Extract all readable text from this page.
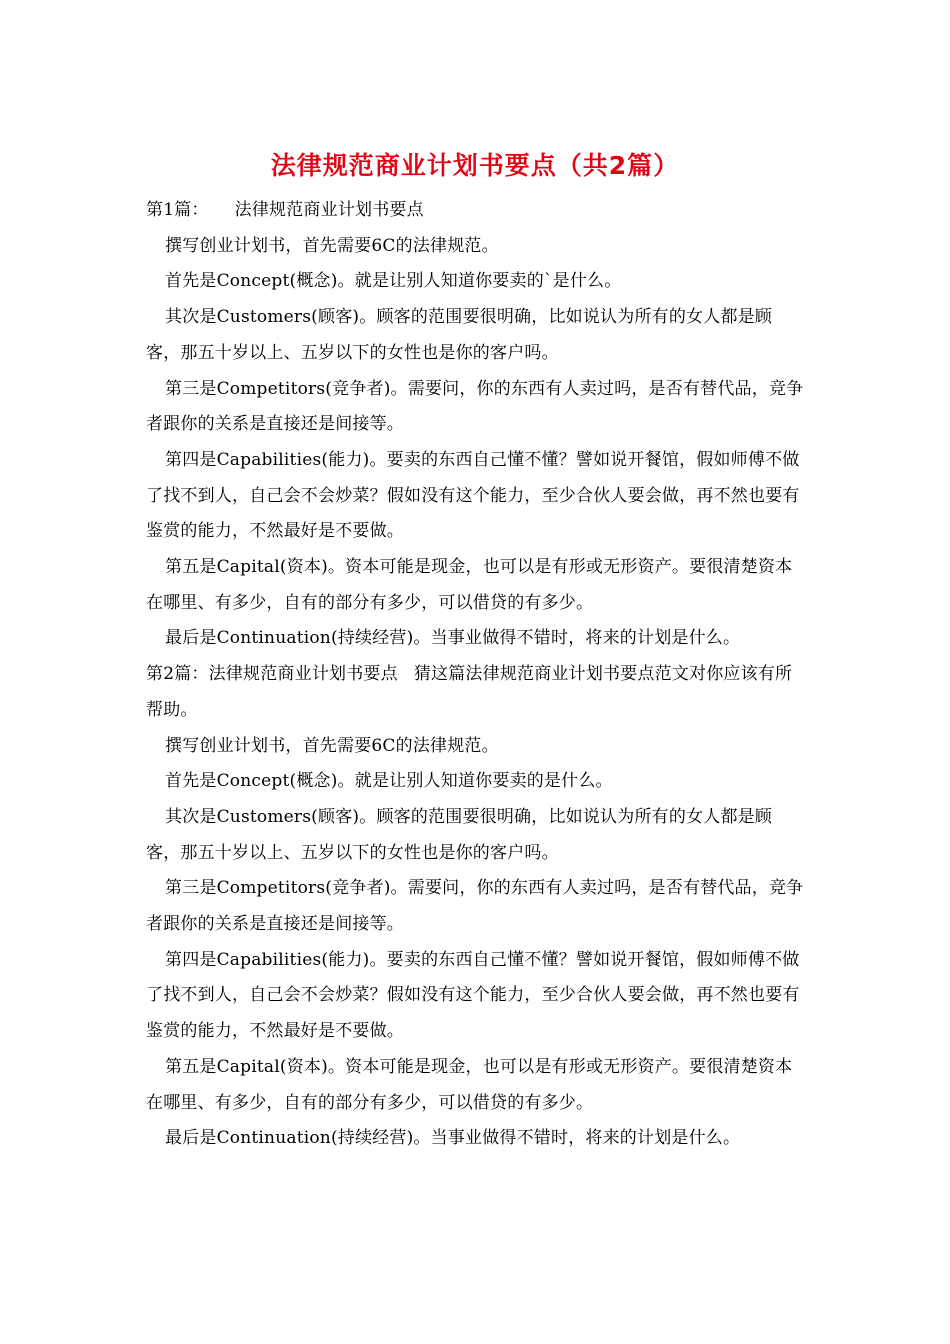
法律规范商业计划书要点（共2篇）

第1篇： 法律规范商业计划书要点

撰写创业计划书，首先需要6C的法律规范。

首先是Concept(概念)。就是让别人知道你要卖的`是什么。

其次是Customers(顾客)。顾客的范围要很明确，比如说认为所有的女人都是顾客，那五十岁以上、五岁以下的女性也是你的客户吗。

第三是Competitors(竞争者)。需要问，你的东西有人卖过吗，是否有替代品，竞争者跟你的关系是直接还是间接等。

第四是Capabilities(能力)。要卖的东西自己懂不懂？譬如说开餐馆，假如师傅不做了找不到人，自己会不会炒菜？假如没有这个能力，至少合伙人要会做，再不然也要有鉴赏的能力，不然最好是不要做。

第五是Capital(资本)。资本可能是现金，也可以是有形或无形资产。要很清楚资本在哪里、有多少，自有的部分有多少，可以借贷的有多少。

最后是Continuation(持续经营)。当事业做得不错时，将来的计划是什么。

第2篇：法律规范商业计划书要点 猜这篇法律规范商业计划书要点范文对你应该有所帮助。

撰写创业计划书，首先需要6C的法律规范。

首先是Concept(概念)。就是让别人知道你要卖的是什么。

其次是Customers(顾客)。顾客的范围要很明确，比如说认为所有的女人都是顾客，那五十岁以上、五岁以下的女性也是你的客户吗。

第三是Competitors(竞争者)。需要问，你的东西有人卖过吗，是否有替代品，竞争者跟你的关系是直接还是间接等。

第四是Capabilities(能力)。要卖的东西自己懂不懂？譬如说开餐馆，假如师傅不做了找不到人，自己会不会炒菜？假如没有这个能力，至少合伙人要会做，再不然也要有鉴赏的能力，不然最好是不要做。

第五是Capital(资本)。资本可能是现金，也可以是有形或无形资产。要很清楚资本在哪里、有多少，自有的部分有多少，可以借贷的有多少。

最后是Continuation(持续经营)。当事业做得不错时，将来的计划是什么。
